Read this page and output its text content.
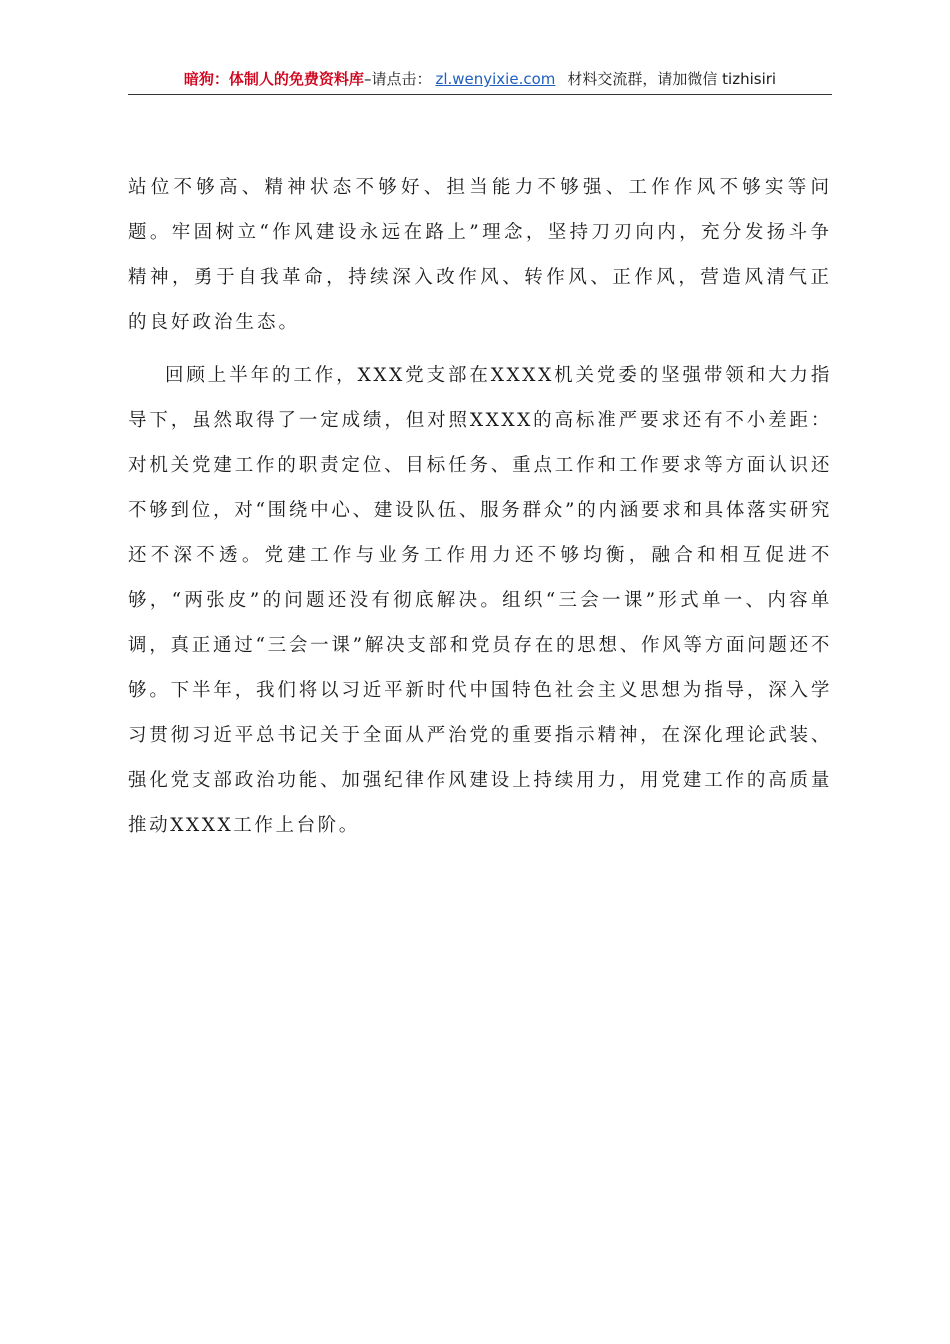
暗狗：体制人的免费资料库–请点击： zl.wenyixie.com 材料交流群，请加微信 tizhisiri

站位不够高、精神状态不够好、担当能力不够强、工作作风不够实等问题。牢固树立“作风建设永远在路上”理念，坚持刀刃向内，充分发扬斗争精神，勇于自我革命，持续深入改作风、转作风、正作风，营造风清气正的良好政治生态。

回顾上半年的工作，XXX党支部在XXXX机关党委的坚强带领和大力指导下，虽然取得了一定成绩，但对照XXXX的高标准严要求还有不小差距：对机关党建工作的职责定位、目标任务、重点工作和工作要求等方面认识还不够到位，对“围绕中心、建设队伍、服务群众”的内涵要求和具体落实研究还不深不透。党建工作与业务工作用力还不够均衡，融合和相互促进不够，“两张皮”的问题还没有彻底解决。组织“三会一课”形式单一、内容单调，真正通过“三会一课”解决支部和党员存在的思想、作风等方面问题还不够。下半年，我们将以习近平新时代中国特色社会主义思想为指导，深入学习贯彻习近平总书记关于全面从严治党的重要指示精神，在深化理论武装、强化党支部政治功能、加强纪律作风建设上持续用力，用党建工作的高质量推动XXXX工作上台阶。
